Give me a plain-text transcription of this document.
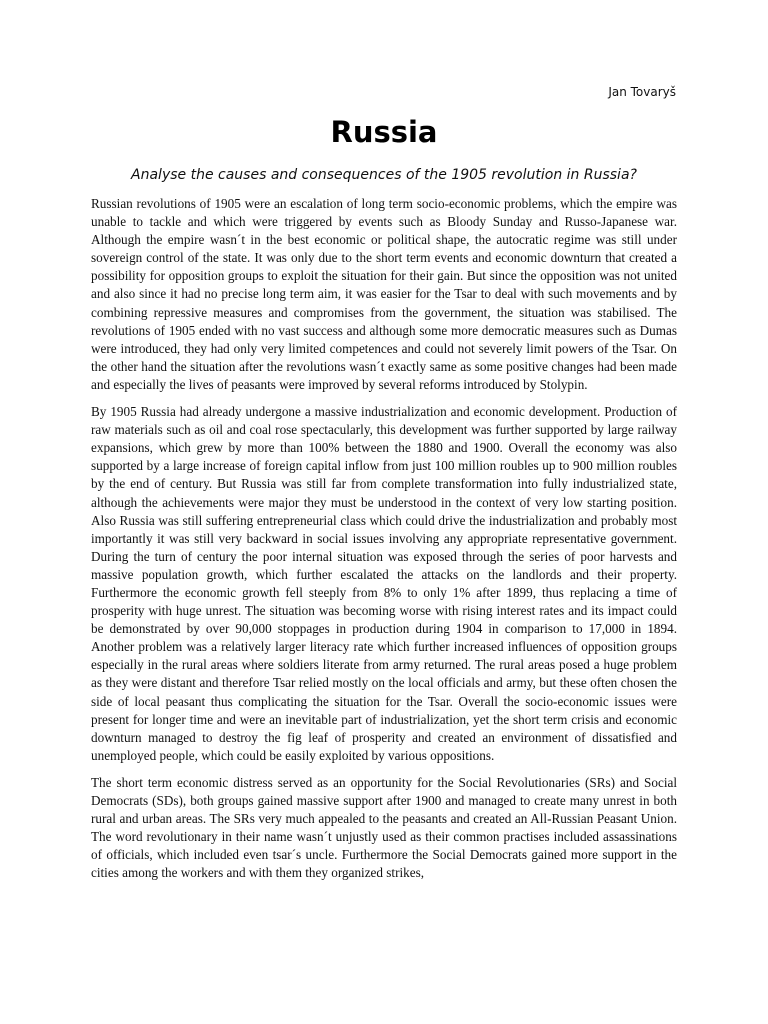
Jan Tovaryš
Russia
Analyse the causes and consequences of the 1905 revolution in Russia?

Russian revolutions of 1905 were an escalation of long term socio-economic problems, which the empire was unable to tackle and which were triggered by events such as Bloody Sunday and Russo-Japanese war. Although the empire wasn´t in the best economic or political shape, the autocratic regime was still under sovereign control of the state. It was only due to the short term events and economic downturn that created a possibility for opposition groups to exploit the situation for their gain. But since the opposition was not united and also since it had no precise long term aim, it was easier for the Tsar to deal with such movements and by combining repressive measures and compromises from the government, the situation was stabilised. The revolutions of 1905 ended with no vast success and although some more democratic measures such as Dumas were introduced, they had only very limited competences and could not severely limit powers of the Tsar. On the other hand the situation after the revolutions wasn´t exactly same as some positive changes had been made and especially the lives of peasants were improved by several reforms introduced by Stolypin.

By 1905 Russia had already undergone a massive industrialization and economic development. Production of raw materials such as oil and coal rose spectacularly, this development was further supported by large railway expansions, which grew by more than 100% between the 1880 and 1900. Overall the economy was also supported by a large increase of foreign capital inflow from just 100 million roubles up to 900 million roubles by the end of century. But Russia was still far from complete transformation into fully industrialized state, although the achievements were major they must be understood in the context of very low starting position. Also Russia was still suffering entrepreneurial class which could drive the industrialization and probably most importantly it was still very backward in social issues involving any appropriate representative government. During the turn of century the poor internal situation was exposed through the series of poor harvests and massive population growth, which further escalated the attacks on the landlords and their property. Furthermore the economic growth fell steeply from 8% to only 1% after 1899, thus replacing a time of prosperity with huge unrest. The situation was becoming worse with rising interest rates and its impact could be demonstrated by over 90,000 stoppages in production during 1904 in comparison to 17,000 in 1894. Another problem was a relatively larger literacy rate which further increased influences of opposition groups especially in the rural areas where soldiers literate from army returned. The rural areas posed a huge problem as they were distant and therefore Tsar relied mostly on the local officials and army, but these often chosen the side of local peasant thus complicating the situation for the Tsar. Overall the socio-economic issues were present for longer time and were an inevitable part of industrialization, yet the short term crisis and economic downturn managed to destroy the fig leaf of prosperity and created an environment of dissatisfied and unemployed people, which could be easily exploited by various oppositions.

The short term economic distress served as an opportunity for the Social Revolutionaries (SRs) and Social Democrats (SDs), both groups gained massive support after 1900 and managed to create many unrest in both rural and urban areas. The SRs very much appealed to the peasants and created an All-Russian Peasant Union. The word revolutionary in their name wasn´t unjustly used as their common practises included assassinations of officials, which included even tsar´s uncle. Furthermore the Social Democrats gained more support in the cities among the workers and with them they organized strikes,
